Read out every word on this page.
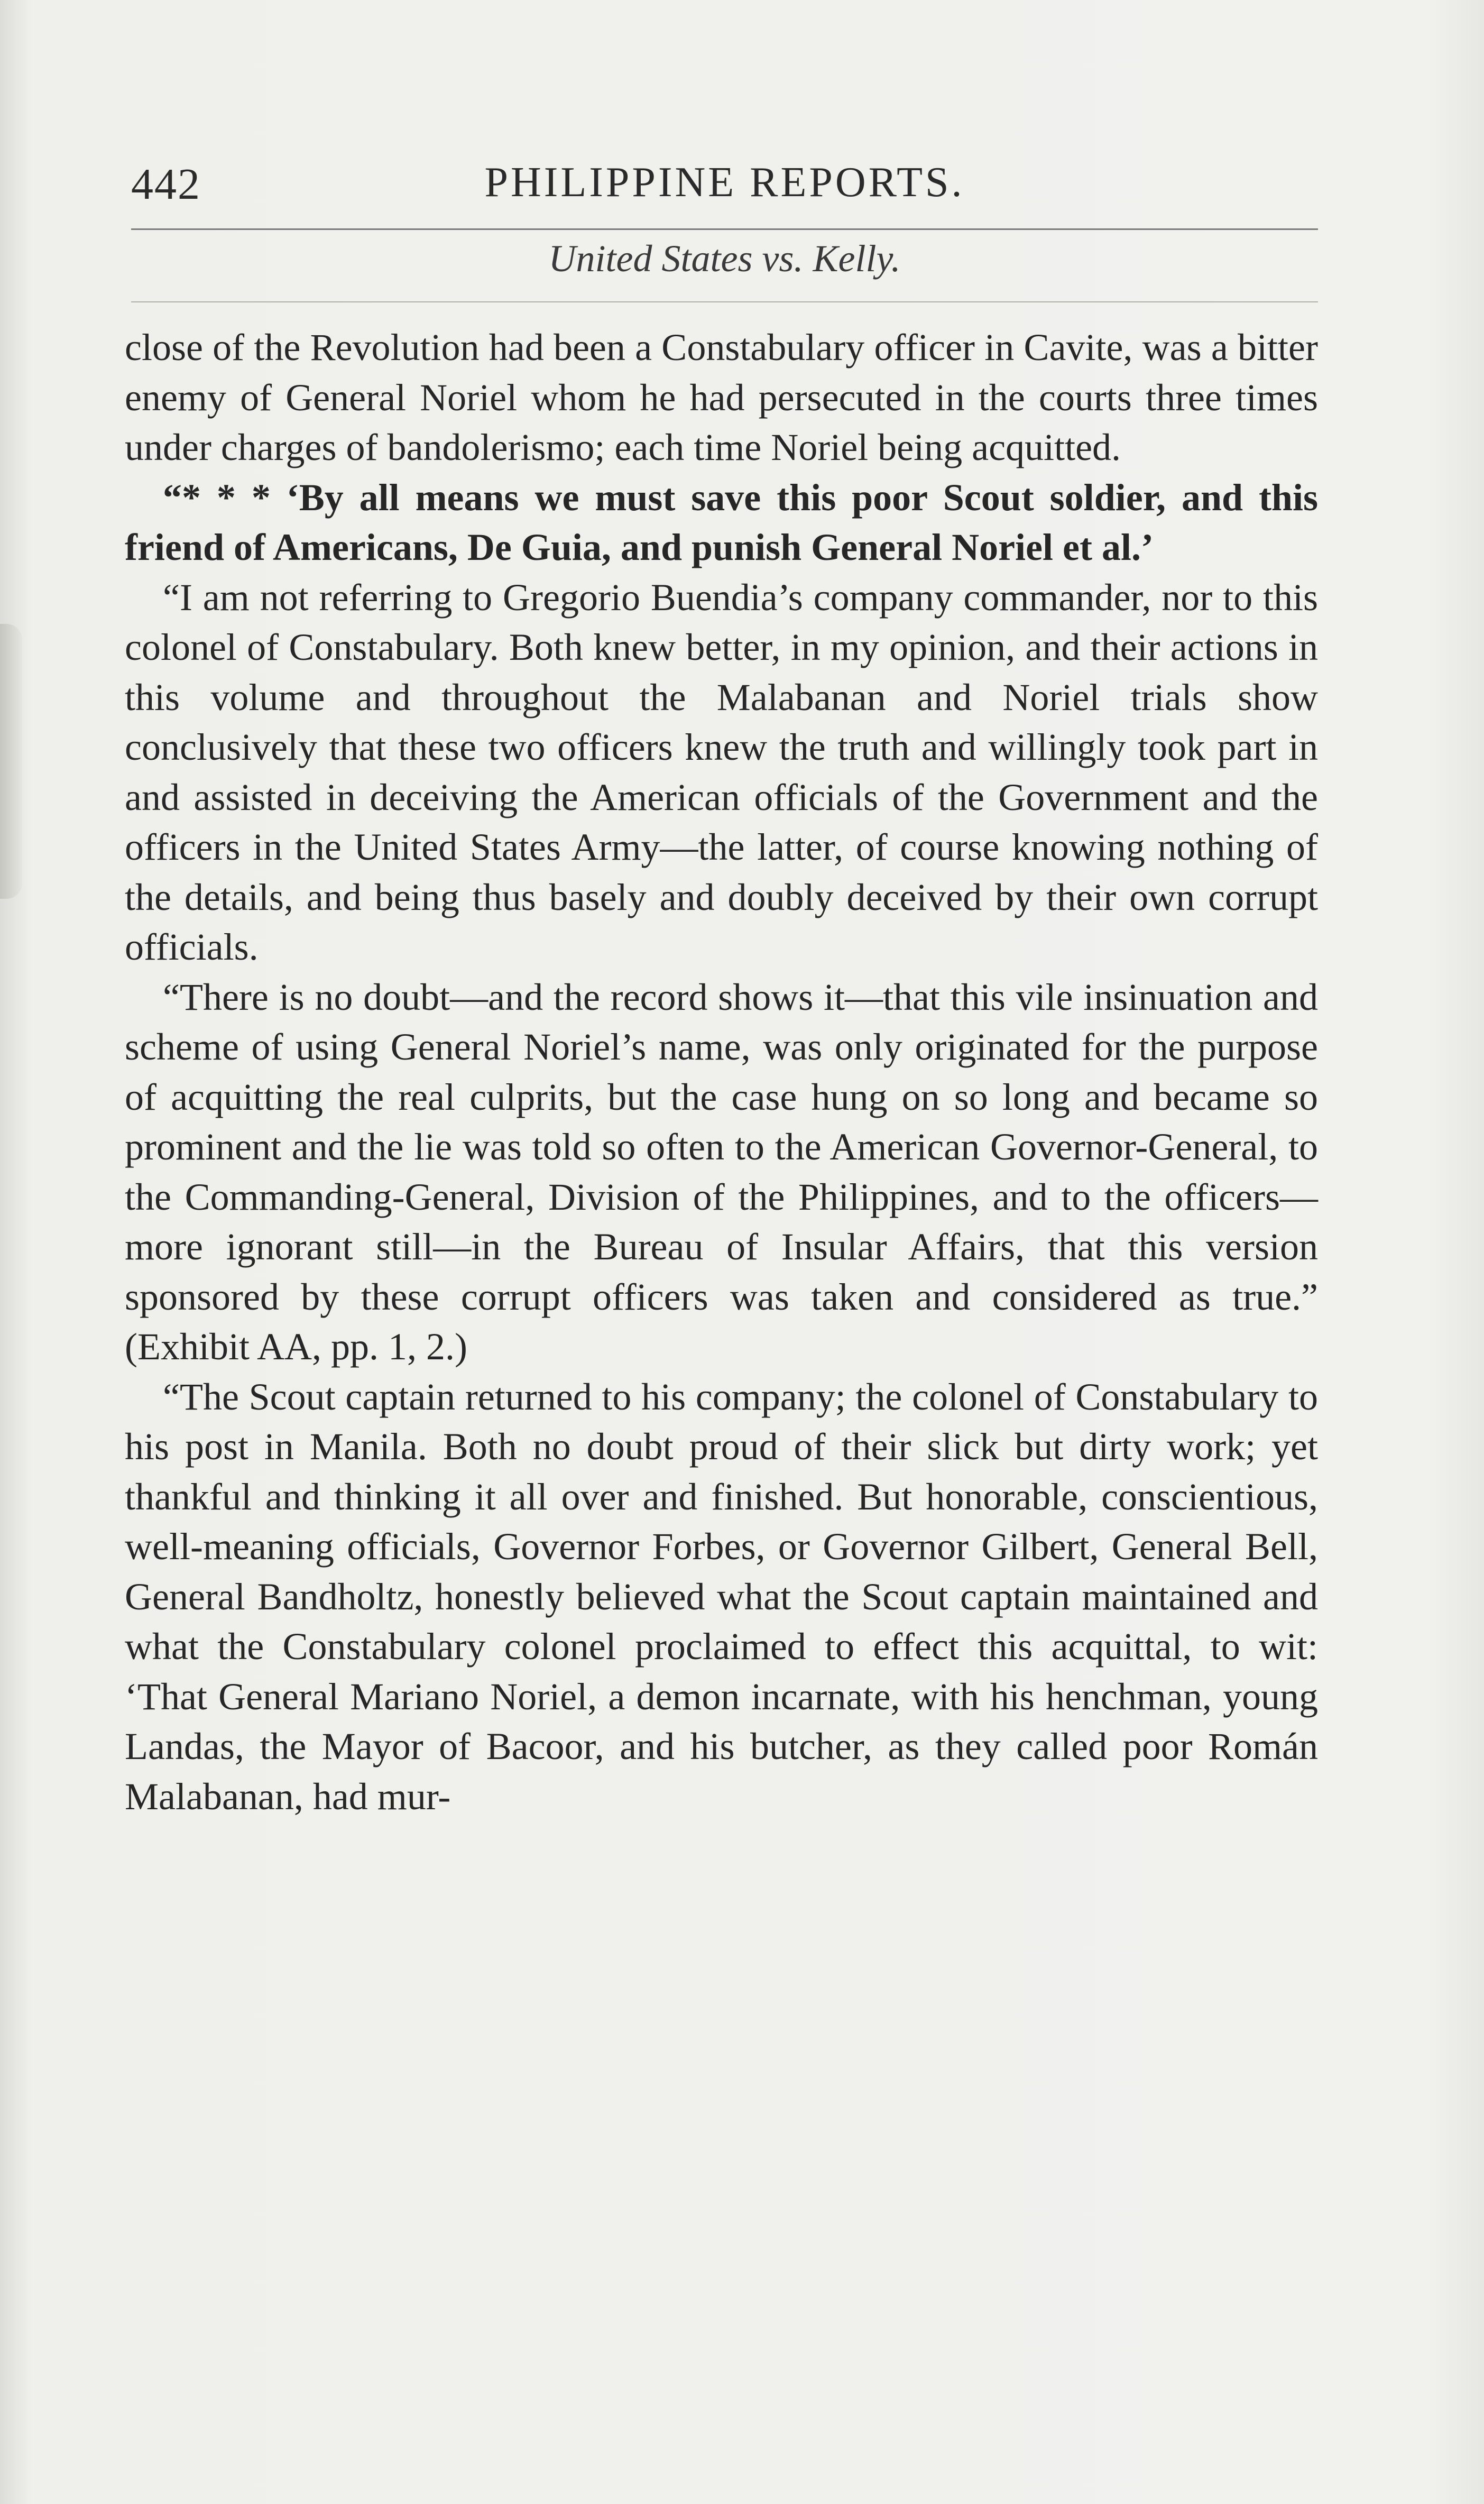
442	PHILIPPINE REPORTS.
United States vs. Kelly.

close of the Revolution had been a Constabulary officer in Cavite, was a bitter enemy of General Noriel whom he had persecuted in the courts three times under charges of bandolerismo; each time Noriel being acquitted.

“* * * ‘By all means we must save this poor Scout soldier, and this friend of Americans, De Guia, and punish General Noriel et al.’

“I am not referring to Gregorio Buendia’s company commander, nor to this colonel of Constabulary. Both knew better, in my opinion, and their actions in this volume and throughout the Malabanan and Noriel trials show conclusively that these two officers knew the truth and willingly took part in and assisted in deceiving the American officials of the Government and the officers in the United States Army—the latter, of course knowing nothing of the details, and being thus basely and doubly deceived by their own corrupt officials.

“There is no doubt—and the record shows it—that this vile insinuation and scheme of using General Noriel’s name, was only originated for the purpose of acquitting the real culprits, but the case hung on so long and became so prominent and the lie was told so often to the American Governor-General, to the Commanding-General, Division of the Philippines, and to the officers—more ignorant still—in the Bureau of Insular Affairs, that this version sponsored by these corrupt officers was taken and considered as true.” (Exhibit AA, pp. 1, 2.)

“The Scout captain returned to his company; the colonel of Constabulary to his post in Manila. Both no doubt proud of their slick but dirty work; yet thankful and thinking it all over and finished. But honorable, conscientious, well-meaning officials, Governor Forbes, or Governor Gilbert, General Bell, General Bandholtz, honestly believed what the Scout captain maintained and what the Constabulary colonel proclaimed to effect this acquittal, to wit: ‘That General Mariano Noriel, a demon incarnate, with his henchman, young Landas, the Mayor of Bacoor, and his butcher, as they called poor Román Malabanan, had mur-
